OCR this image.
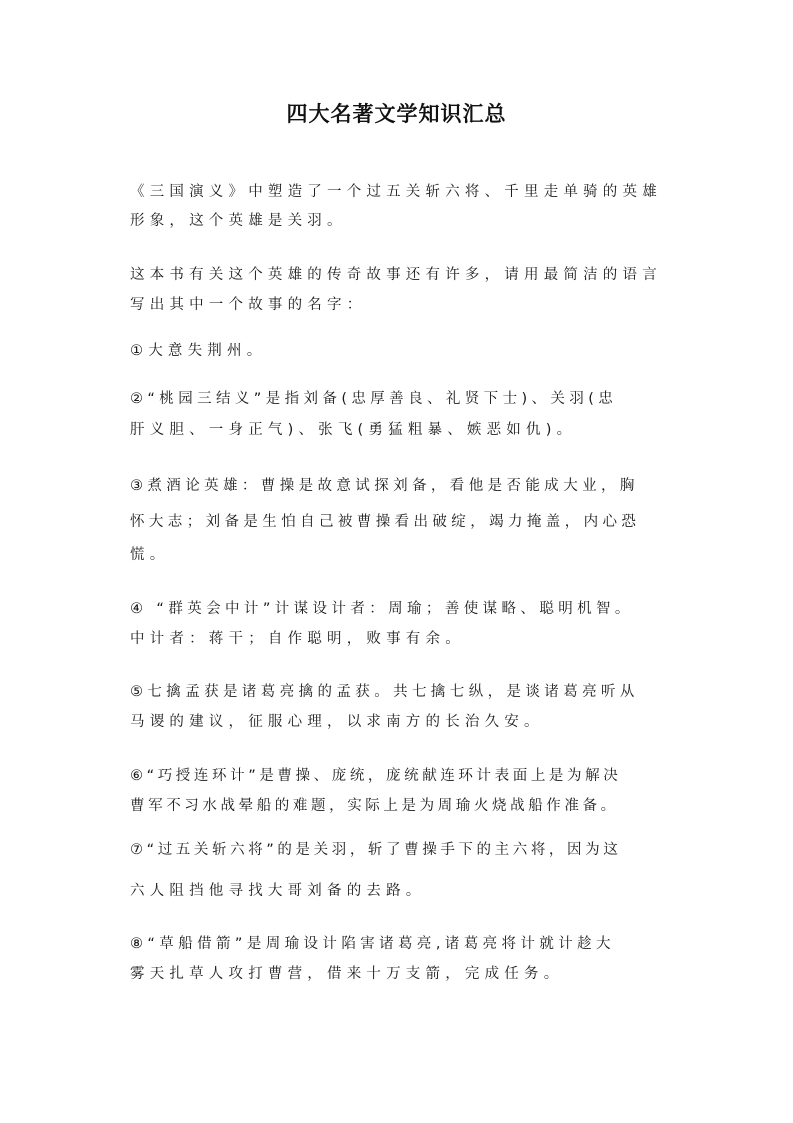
四大名著文学知识汇总
《三国演义》中塑造了一个过五关斩六将、千里走单骑的英雄
形象，这个英雄是关羽。
这本书有关这个英雄的传奇故事还有许多，请用最简洁的语言
写出其中一个故事的名字：
①大意失荆州。
②“桃园三结义”是指刘备(忠厚善良、礼贤下士)、关羽(忠
肝义胆、一身正气)、张飞(勇猛粗暴、嫉恶如仇)。
③煮酒论英雄：曹操是故意试探刘备，看他是否能成大业，胸
怀大志；刘备是生怕自己被曹操看出破绽，竭力掩盖，内心恐
慌。
④ “群英会中计”计谋设计者：周瑜；善使谋略、聪明机智。
中计者：蒋干；自作聪明，败事有余。
⑤七擒孟获是诸葛亮擒的孟获。共七擒七纵，是谈诸葛亮听从
马谡的建议，征服心理，以求南方的长治久安。
⑥“巧授连环计”是曹操、庞统，庞统献连环计表面上是为解决
曹军不习水战晕船的难题，实际上是为周瑜火烧战船作准备。
⑦“过五关斩六将”的是关羽，斩了曹操手下的主六将，因为这
六人阻挡他寻找大哥刘备的去路。
⑧“草船借箭”是周瑜设计陷害诸葛亮,诸葛亮将计就计趁大
雾天扎草人攻打曹营，借来十万支箭，完成任务。
